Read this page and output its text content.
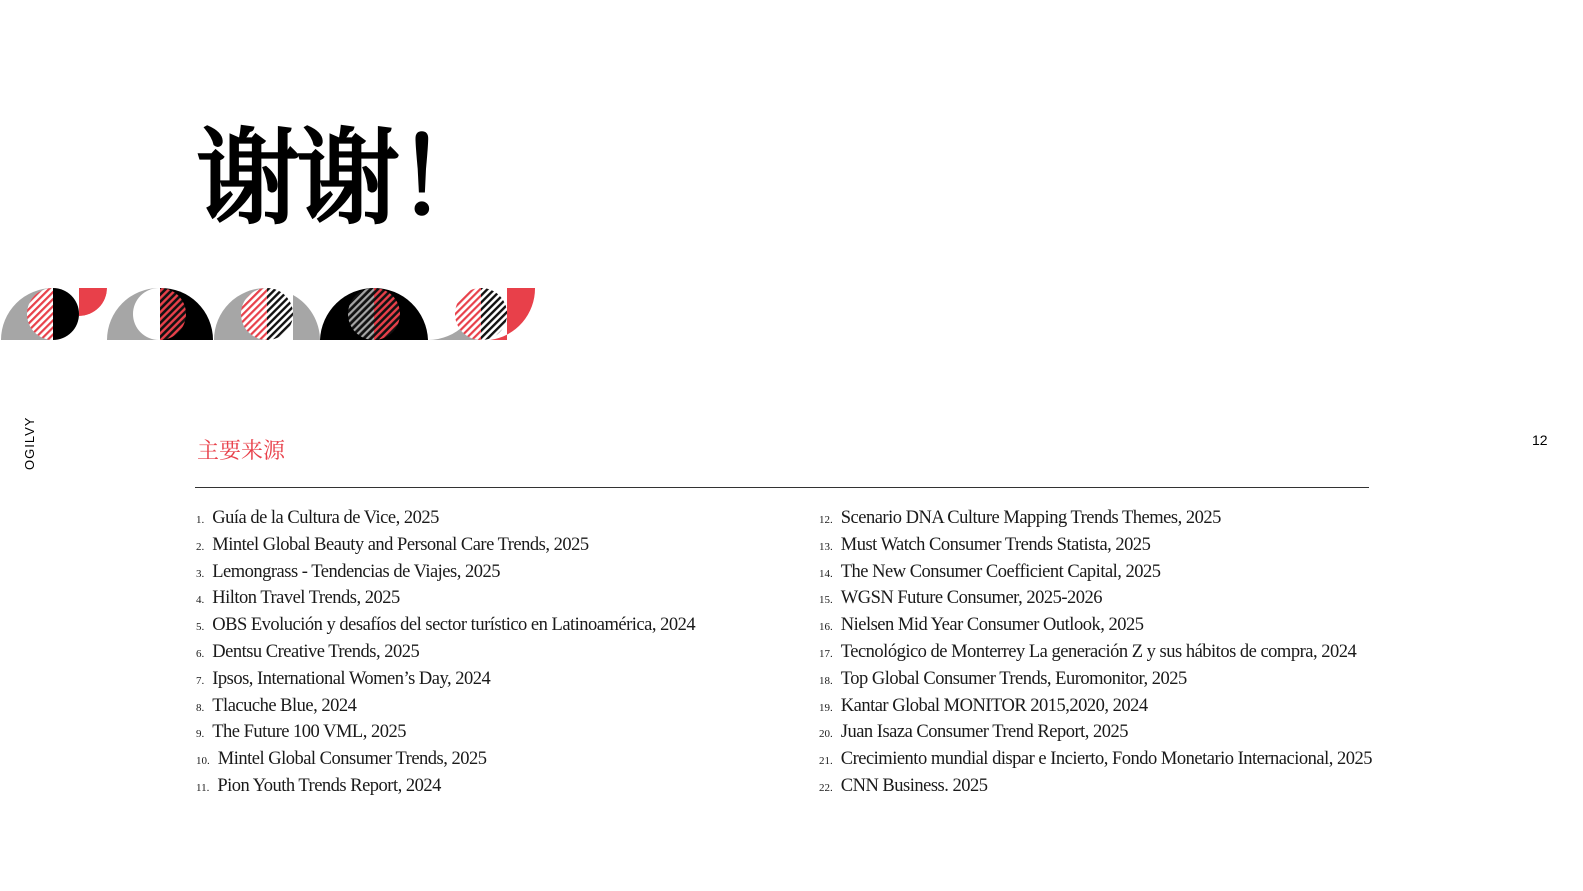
谢谢！
OGILVY	12
主要来源
1. Guía de la Cultura de Vice, 2025
2. Mintel Global Beauty and Personal Care Trends, 2025
3. Lemongrass - Tendencias de Viajes, 2025
4. Hilton Travel Trends, 2025
5. OBS Evolución y desafíos del sector turístico en Latinoamérica, 2024
6. Dentsu Creative Trends, 2025
7. Ipsos, International Women’s Day, 2024
8. Tlacuche Blue, 2024
9. The Future 100 VML, 2025
10. Mintel Global Consumer Trends, 2025
11. Pion Youth Trends Report, 2024
12. Scenario DNA Culture Mapping Trends Themes, 2025
13. Must Watch Consumer Trends Statista, 2025
14. The New Consumer Coefficient Capital, 2025
15. WGSN Future Consumer, 2025-2026
16. Nielsen Mid Year Consumer Outlook, 2025
17. Tecnológico de Monterrey La generación Z y sus hábitos de compra, 2024
18. Top Global Consumer Trends, Euromonitor, 2025
19. Kantar Global MONITOR 2015,2020, 2024
20. Juan Isaza Consumer Trend Report, 2025
21. Crecimiento mundial dispar e Incierto, Fondo Monetario Internacional, 2025
22. CNN Business. 2025
